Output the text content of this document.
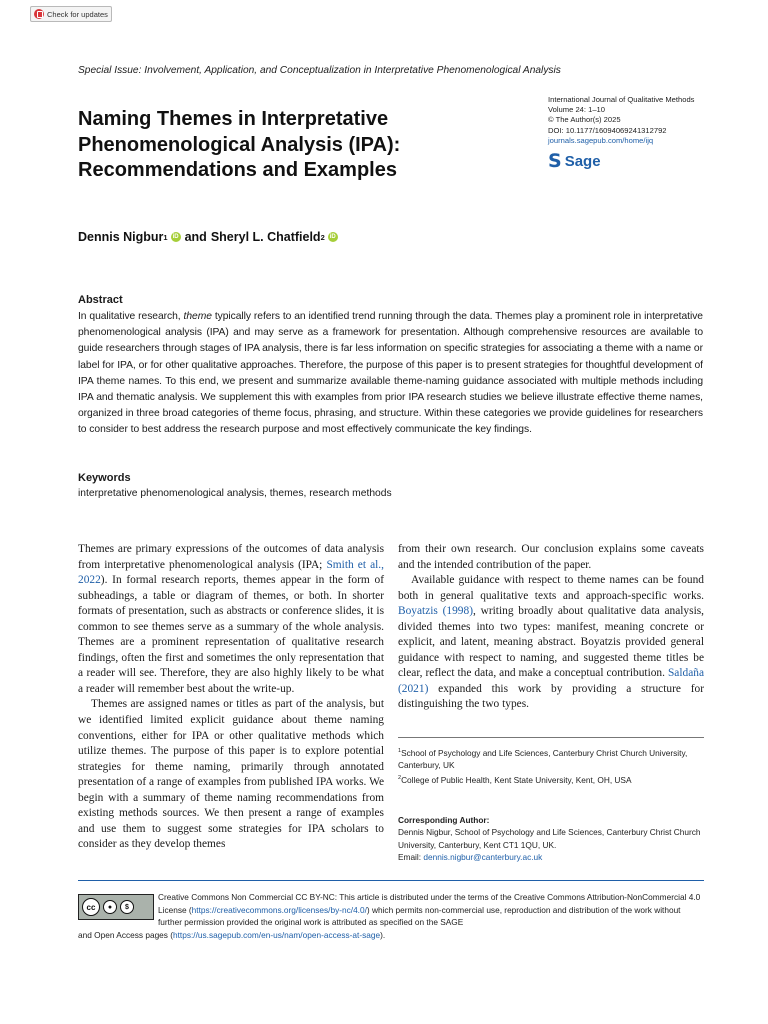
Check for updates
Special Issue: Involvement, Application, and Conceptualization in Interpretative Phenomenological Analysis
Naming Themes in Interpretative Phenomenological Analysis (IPA): Recommendations and Examples
International Journal of Qualitative Methods
Volume 24: 1–10
© The Author(s) 2025
DOI: 10.1177/16094069241312792
journals.sagepub.com/home/ijq
S Sage
Dennis Nigbur 1 iD and Sheryl L. Chatfield 2 iD
Abstract
In qualitative research, theme typically refers to an identified trend running through the data. Themes play a prominent role in interpretative phenomenological analysis (IPA) and may serve as a framework for presentation. Although comprehensive resources are available to guide researchers through stages of IPA analysis, there is far less information on specific strategies for associating a theme with a name or label for IPA, or for other qualitative approaches. Therefore, the purpose of this paper is to present strategies for thoughtful development of IPA theme names. To this end, we present and summarize available theme-naming guidance associated with multiple methods including IPA and thematic analysis. We supplement this with examples from prior IPA research studies we believe illustrate effective theme names, organized in three broad categories of theme focus, phrasing, and structure. Within these categories we provide guidelines for researchers to consider to best address the research purpose and most effectively communicate the key findings.
Keywords
interpretative phenomenological analysis, themes, research methods

Themes are primary expressions of the outcomes of data analysis from interpretative phenomenological analysis (IPA; Smith et al., 2022). In formal research reports, themes appear in the form of subheadings, a table or diagram of themes, or both. In shorter formats of presentation, such as abstracts or conference slides, it is common to see themes serve as a summary of the whole analysis. Themes are a prominent representation of qualitative research findings, often the first and sometimes the only representation that a reader will see. Therefore, they are also highly likely to be what a reader will remember best about the write-up.

Themes are assigned names or titles as part of the analysis, but we identified limited explicit guidance about theme naming conventions, either for IPA or other qualitative methods which utilize themes. The purpose of this paper is to explore potential strategies for theme naming, primarily through annotated presentation of a range of examples from published IPA works. We begin with a summary of theme naming recommendations from existing methods sources. We then present a range of examples and use them to suggest some strategies for IPA scholars to consider as they develop themes

from their own research. Our conclusion explains some caveats and the intended contribution of the paper.

Available guidance with respect to theme names can be found both in general qualitative texts and approach-specific works. Boyatzis (1998), writing broadly about qualitative data analysis, divided themes into two types: manifest, meaning concrete or explicit, and latent, meaning abstract. Boyatzis provided general guidance with respect to naming, and suggested theme titles be clear, reflect the data, and make a conceptual contribution. Saldaña (2021) expanded this work by providing a structure for distinguishing the two types.

$^1$School of Psychology and Life Sciences, Canterbury Christ Church University, Canterbury, UK
$^2$College of Public Health, Kent State University, Kent, OH, USA
Corresponding Author:
Dennis Nigbur, School of Psychology and Life Sciences, Canterbury Christ Church University, Canterbury, Kent CT1 1QU, UK.
Email: dennis.nigbur@canterbury.ac.uk
cc	●	$
Creative Commons Non Commercial CC BY-NC: This article is distributed under the terms of the Creative Commons Attribution-NonCommercial 4.0 License (https://creativecommons.org/licenses/by-nc/4.0/) which permits non-commercial use, reproduction and distribution of the work without further permission provided the original work is attributed as specified on the SAGE
and Open Access pages (https://us.sagepub.com/en-us/nam/open-access-at-sage).
